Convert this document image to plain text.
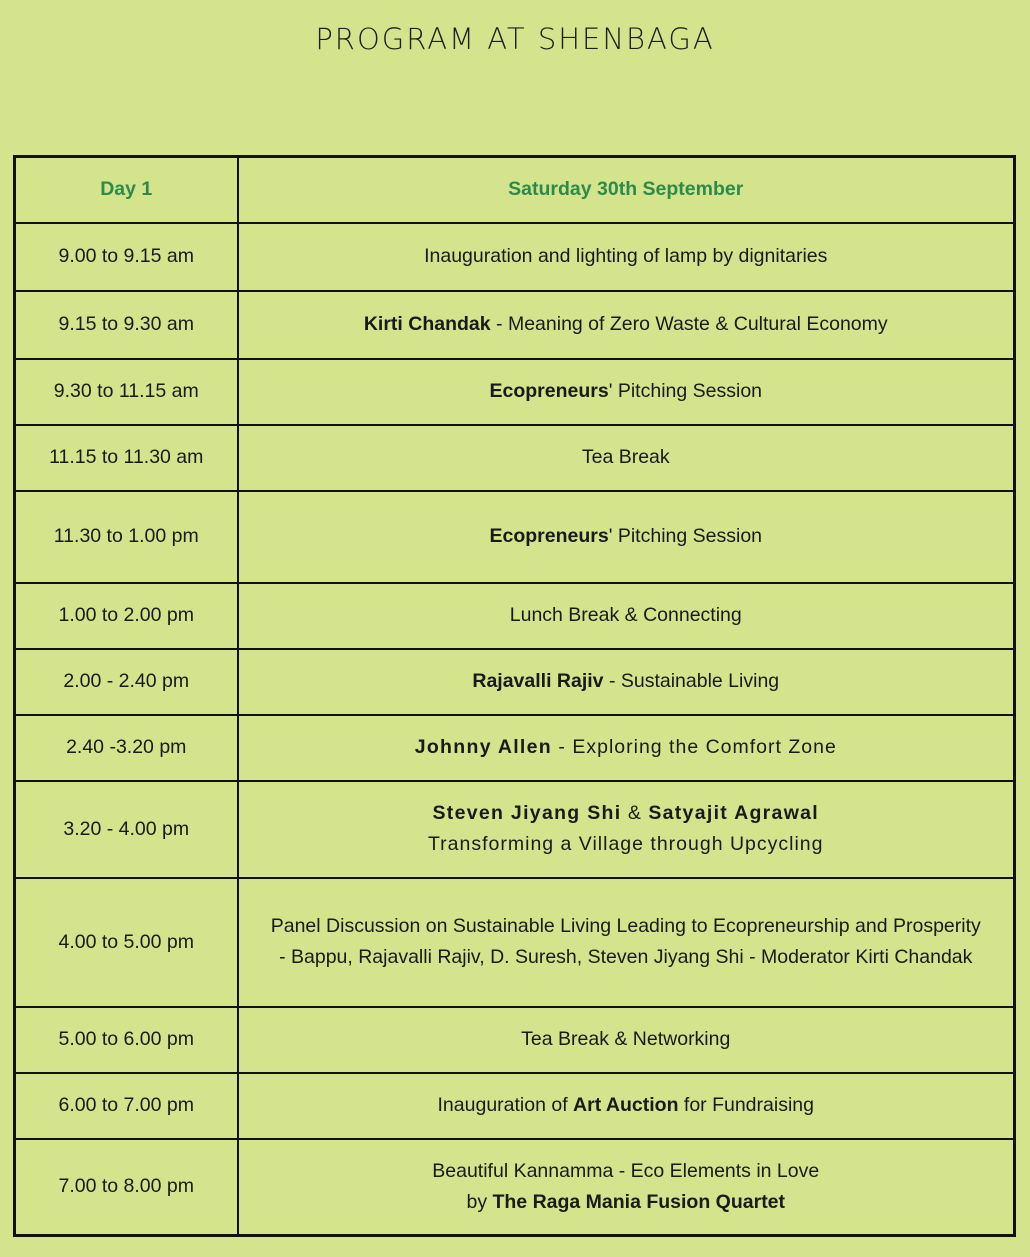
PROGRAM AT SHENBAGA
Day 1	Saturday 30th September
9.00 to 9.15 am	Inauguration and lighting of lamp by dignitaries
9.15 to 9.30 am	Kirti Chandak - Meaning of Zero Waste & Cultural Economy
9.30 to 11.15 am	Ecopreneurs' Pitching Session
11.15 to 11.30 am	Tea Break
11.30 to 1.00 pm	Ecopreneurs' Pitching Session
1.00 to 2.00 pm	Lunch Break & Connecting
2.00 - 2.40 pm	Rajavalli Rajiv - Sustainable Living
2.40 -3.20 pm	Johnny Allen - Exploring the Comfort Zone
3.20 - 4.00 pm	Steven Jiyang Shi & Satyajit Agrawal
Transforming a Village through Upcycling

4.00 to 5.00 pm	Panel Discussion on Sustainable Living Leading to Ecopreneurship and Prosperity - Bappu, Rajavalli Rajiv, D. Suresh, Steven Jiyang Shi - Moderator Kirti Chandak
5.00 to 6.00 pm	Tea Break & Networking
6.00 to 7.00 pm	Inauguration of Art Auction for Fundraising
7.00 to 8.00 pm	Beautiful Kannamma - Eco Elements in Love
by The Raga Mania Fusion Quartet
